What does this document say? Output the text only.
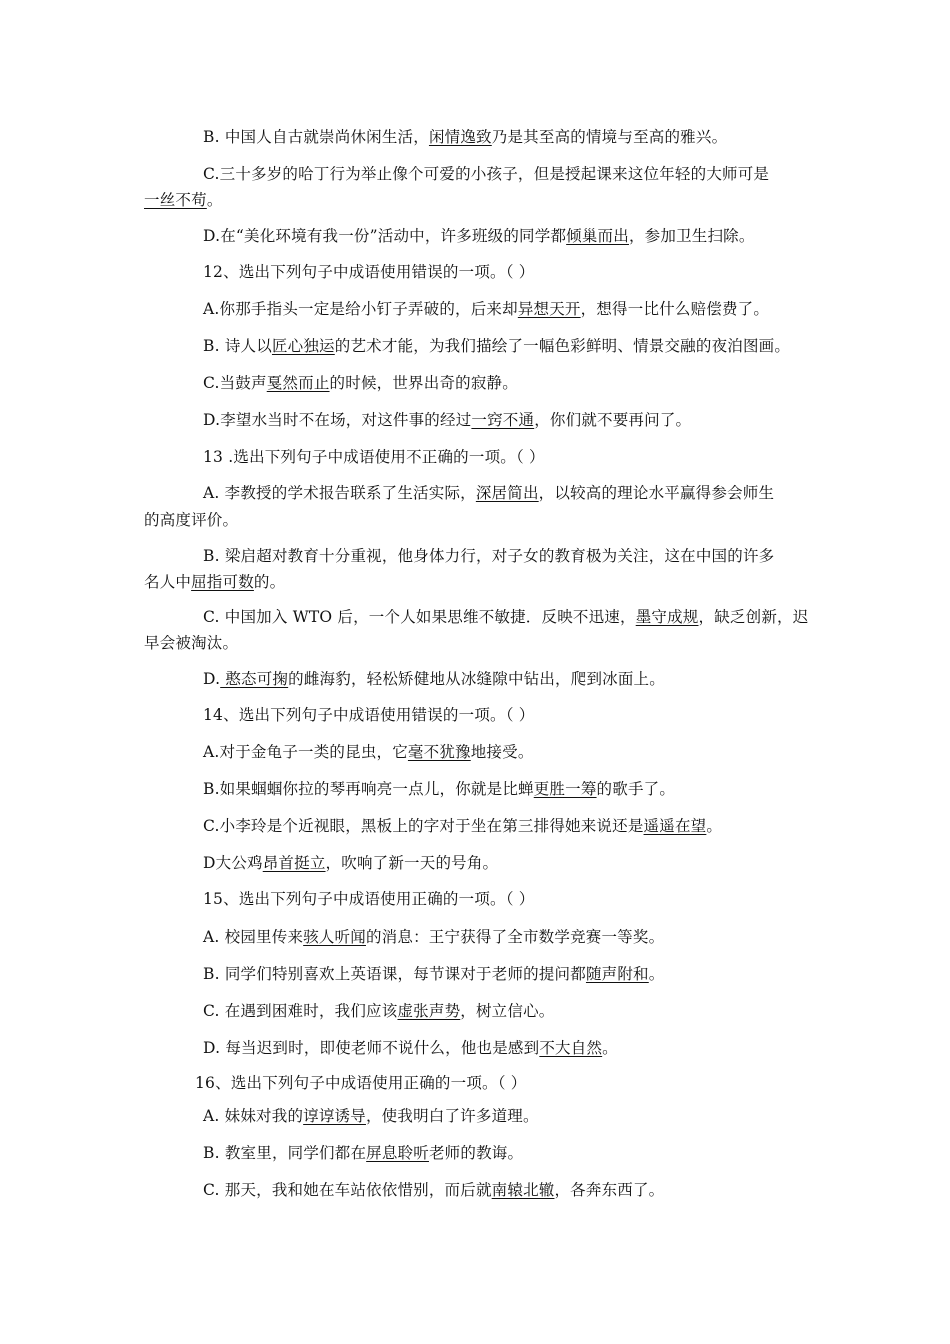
B. 中国人自古就崇尚休闲生活，闲情逸致乃是其至高的情境与至高的雅兴。
C.三十多岁的哈丁行为举止像个可爱的小孩子，但是授起课来这位年轻的大师可是
一丝不苟。
D.在“美化环境有我一份”活动中，许多班级的同学都倾巢而出，参加卫生扫除。
12、选出下列句子中成语使用错误的一项。（ ）
A.你那手指头一定是给小钉子弄破的，后来却异想天开，想得一比什么赔偿费了。
B. 诗人以匠心独运的艺术才能，为我们描绘了一幅色彩鲜明、情景交融的夜泊图画。
C.当鼓声戛然而止的时候，世界出奇的寂静。
D.李望水当时不在场，对这件事的经过一窍不通，你们就不要再问了。
13 .选出下列句子中成语使用不正确的一项。（ ）
A. 李教授的学术报告联系了生活实际，深居简出，以较高的理论水平赢得参会师生
的高度评价。
B. 梁启超对教育十分重视，他身体力行，对子女的教育极为关注，这在中国的许多
名人中屈指可数的。
C. 中国加入 WTO 后，一个人如果思维不敏捷．反映不迅速，墨守成规，缺乏创新，迟
早会被淘汰。
D. 憨态可掬的雌海豹，轻松矫健地从冰缝隙中钻出，爬到冰面上。
14、选出下列句子中成语使用错误的一项。（ ）
A.对于金龟子一类的昆虫，它毫不犹豫地接受。
B.如果蝈蝈你拉的琴再响亮一点儿，你就是比蝉更胜一筹的歌手了。
C.小李玲是个近视眼，黑板上的字对于坐在第三排得她来说还是遥遥在望。
D大公鸡昂首挺立，吹响了新一天的号角。
15、选出下列句子中成语使用正确的一项。（ ）
A. 校园里传来骇人听闻的消息：王宁获得了全市数学竞赛一等奖。
B. 同学们特别喜欢上英语课，每节课对于老师的提问都随声附和。
C. 在遇到困难时，我们应该虚张声势，树立信心。
D. 每当迟到时，即使老师不说什么，他也是感到不大自然。
16、选出下列句子中成语使用正确的一项。（ ）
A. 妹妹对我的谆谆诱导，使我明白了许多道理。
B. 教室里，同学们都在屏息聆听老师的教诲。
C. 那天，我和她在车站依依惜别，而后就南辕北辙，各奔东西了。
